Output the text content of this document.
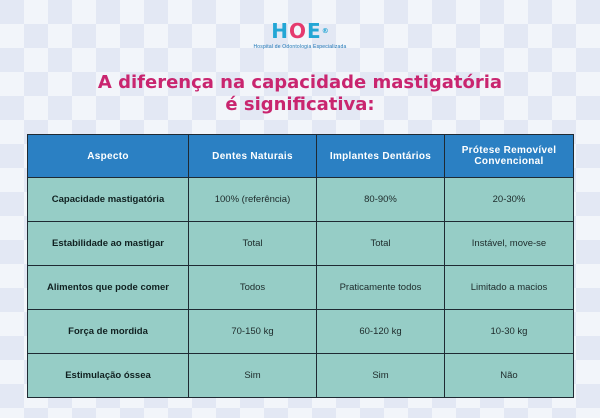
H O E ®
Hospital de Odontologia Especializada
A diferença na capacidade mastigatória
é significativa:
Aspecto	Dentes Naturais	Implantes Dentários	Prótese Removível Convencional
Capacidade mastigatória	100% (referência)	80-90%	20-30%
Estabilidade ao mastigar	Total	Total	Instável, move-se
Alimentos que pode comer	Todos	Praticamente todos	Limitado a macios
Força de mordida	70-150 kg	60-120 kg	10-30 kg
Estimulação óssea	Sim	Sim	Não
